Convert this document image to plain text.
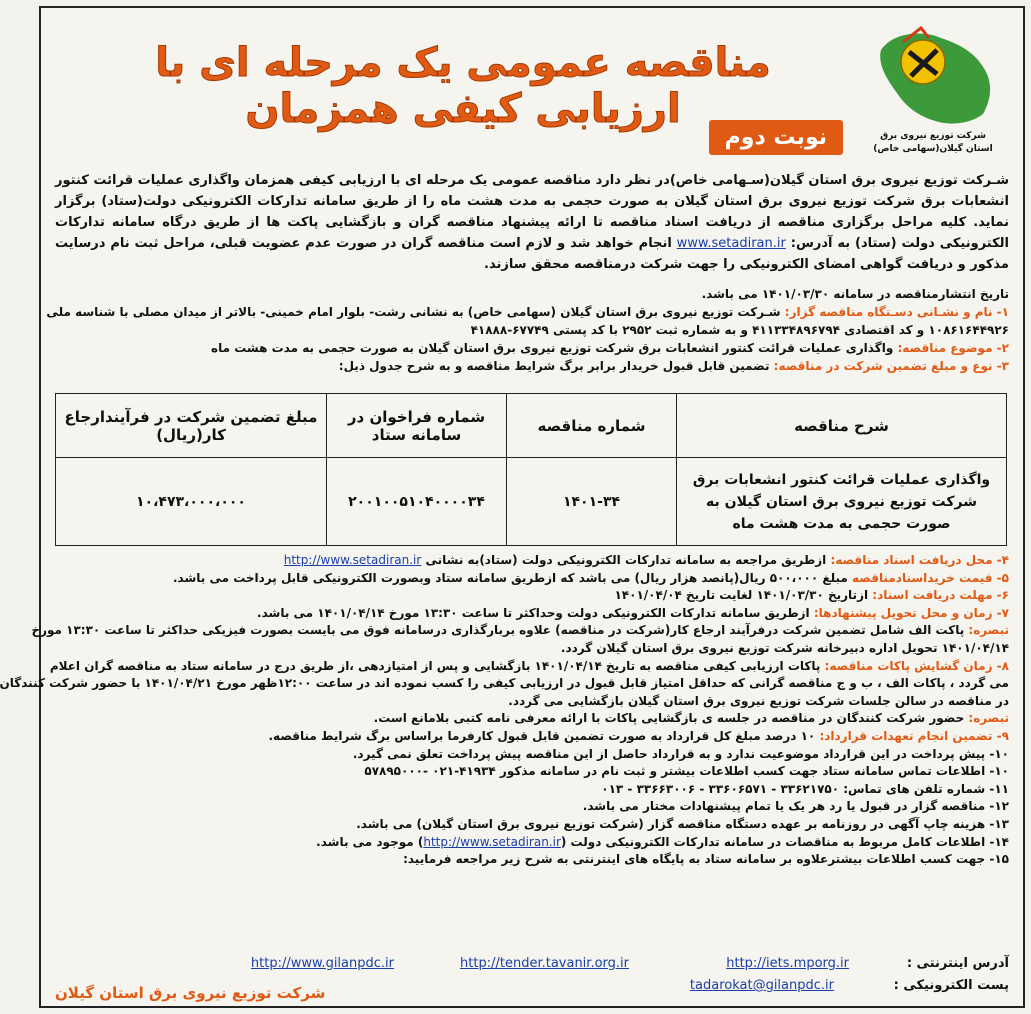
شرکت توزیع نیروی برق
استان گیلان(سهامی خاص)
مناقصه عمومی یک مرحله ای با ارزیابی کیفی همزمان
نوبت دوم
شـرکت توزیع نیروی برق استان گیلان(سـهامی خاص)در نظر دارد مناقصه عمومی یک مرحله ای با ارزیابی کیفی همزمان واگذاری عملیات قرائت کنتور انشعابات برق شرکت توزیع نیروی برق استان گیلان به صورت حجمی به مدت هشت ماه را از طریق سامانه تدارکات الکترونیکی دولت(ستاد) برگزار نماید. کلیه مراحل برگزاری مناقصه از دریافت اسناد مناقصه تا ارائه پیشنهاد مناقصه گران و بازگشایی پاکت ها از طریق درگاه سامانه تدارکات الکترونیکی دولت (ستاد) به آدرس: www.setadiran.ir انجام خواهد شد و لازم است مناقصه گران در صورت عدم عضویت قبلی، مراحل ثبت نام درسایت مذکور و دریافت گواهی امضای الکترونیکی را جهت شرکت درمناقصه محقق سازند.
تاریخ انتشارمناقصه در سامانه ۱۴۰۱/۰۳/۳۰ می باشد.
۱- نام و نشـانی دسـتگاه مناقصه گزار: شـرکت توزیع نیروی برق استان گیلان (سهامی خاص) به نشانی رشت- بلوار امام خمینی- بالاتر از میدان مصلی با شناسه ملی
۱۰۸۶۱۶۴۴۹۲۶ و کد اقتصادی ۴۱۱۳۳۴۸۹۶۷۹۴ و به شماره ثبت ۲۹۵۲ با کد پستی ۶۷۷۴۹-۴۱۸۸۸
۲- موضوع مناقصه: واگذاری عملیات قرائت کنتور انشعابات برق شرکت توزیع نیروی برق استان گیلان به صورت حجمی به مدت هشت ماه
۳- نوع و مبلغ تضمین شرکت در مناقصه: تضمین قابل قبول خریدار برابر برگ شرایط مناقصه و به شرح جدول ذیل:
شرح مناقصه	شماره مناقصه	شماره فراخوان در سامانه ستاد	مبلغ تضمین شرکت در فرآیندارجاع کار(ریال)
واگذاری عملیات قرائت کنتور انشعابات برق شرکت توزیع نیروی برق استان گیلان به صورت حجمی به مدت هشت ماه	۱۴۰۱-۳۴	۲۰۰۱۰۰۵۱۰۴۰۰۰۰۳۴	۱۰،۴۷۳،۰۰۰،۰۰۰
۴- محل دریافت اسناد مناقصه: ازطریق مراجعه به سامانه تدارکات الکترونیکی دولت (ستاد)به نشانی http://www.setadiran.ir
۵- قیمت خریداسنادمناقصه مبلغ ۵۰۰،۰۰۰ ریال(پانصد هزار ریال) می باشد که ازطریق سامانه ستاد وبصورت الکترونیکی قابل پرداخت می باشد.
۶- مهلت دریافت اسناد: ازتاریخ ۱۴۰۱/۰۳/۳۰ لغایت تاریخ ۱۴۰۱/۰۴/۰۴
۷- زمان و محل تحویل پیشنهادها: ازطریق سامانه تدارکات الکترونیکی دولت وحداکثر تا ساعت ۱۳:۳۰ مورخ ۱۴۰۱/۰۴/۱۴ می باشد.
تبصره: پاکت الف شامل تضمین شرکت درفرآیند ارجاع کار(شرکت در مناقصه) علاوه بربارگذاری درسامانه فوق می بایست بصورت فیزیکی حداکثر تا ساعت ۱۳:۳۰ مورخ
۱۴۰۱/۰۴/۱۴ تحویل اداره دبیرخانه شرکت توزیع نیروی برق استان گیلان گردد.
۸- زمان گشایش پاکات مناقصه: پاکات ارزیابی کیفی مناقصه به تاریخ ۱۴۰۱/۰۴/۱۴ بازگشایی و پس از امتیازدهی ،از طریق درج در سامانه ستاد به مناقصه گران اعلام
می گردد ، پاکات الف ، ب و ج مناقصه گرانی که حداقل امتیاز قابل قبول در ارزیابی کیفی را کسب نموده اند در ساعت ۱۲:۰۰ظهر مورخ ۱۴۰۱/۰۴/۲۱ با حضور شرکت کنندگان
در مناقصه در سالن جلسات شرکت توزیع نیروی برق استان گیلان بازگشایی می گردد.
تبصره: حضور شرکت کنندگان در مناقصه در جلسه ی بازگشایی پاکات با ارائه معرفی نامه کتبی بلامانع است.
۹- تضمین انجام تعهدات قرارداد: ۱۰ درصد مبلغ کل قرارداد به صورت تضمین قابل قبول کارفرما براساس برگ شرایط مناقصه.
۱۰- پیش پرداخت در این قرارداد موضوعیت ندارد و به قرارداد حاصل از این مناقصه پیش پرداخت تعلق نمی گیرد.
۱۰- اطلاعات تماس سامانه ستاد جهت کسب اطلاعات بیشتر و ثبت نام در سامانه مذکور ۴۱۹۳۴-۰۲۱ -۵۷۸۹۵۰۰۰
۱۱- شماره تلفن های تماس: ۳۳۶۲۱۷۵۰ - ۳۳۶۰۶۵۷۱ - ۳۳۶۶۳۰۰۶ - ۰۱۳
۱۲- مناقصه گزار در قبول یا رد هر یک یا تمام پیشنهادات مختار می باشد.
۱۳- هزینه چاپ آگهی در روزنامه بر عهده دستگاه مناقصه گزار (شرکت توزیع نیروی برق استان گیلان) می باشد.
۱۴- اطلاعات کامل مربوط به مناقصات در سامانه تدارکات الکترونیکی دولت (http://www.setadiran.ir) موجود می باشد.
۱۵- جهت کسب اطلاعات بیشترعلاوه بر سامانه ستاد به پایگاه های اینترنتی به شرح زیر مراجعه فرمایید:
آدرس اینترنتی :
http://iets.mporg.ir
http://tender.tavanir.org.ir
http://www.gilanpdc.ir
پست الکترونیکی :
tadarokat@gilanpdc.ir
شرکت توزیع نیروی برق استان گیلان
